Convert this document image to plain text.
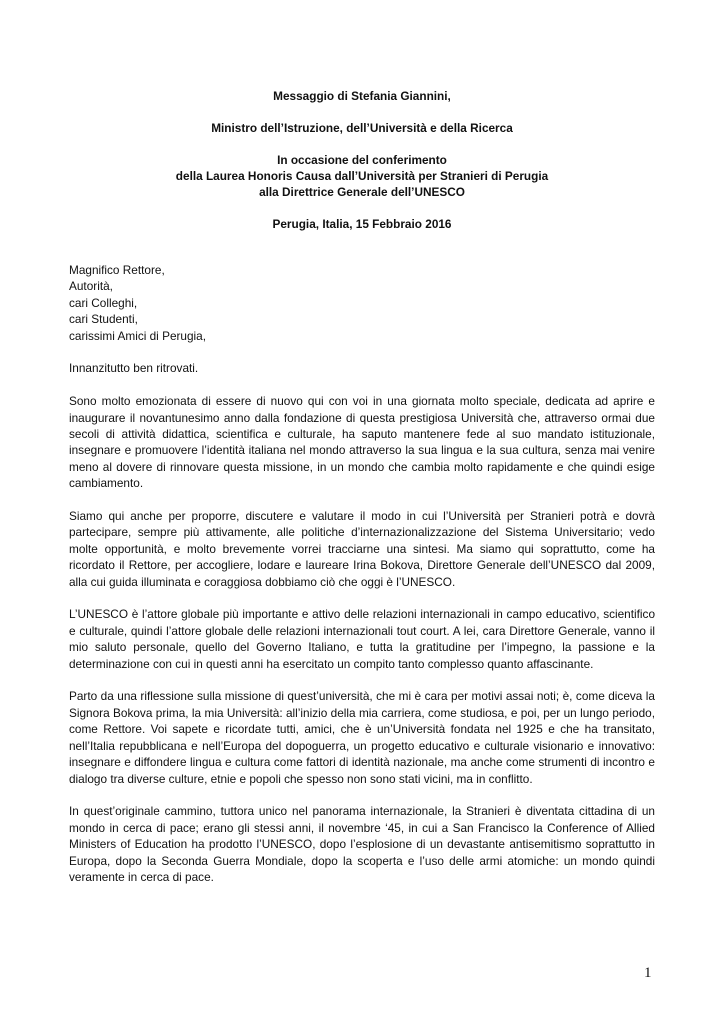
Messaggio di Stefania Giannini,
Ministro dell’Istruzione, dell’Università e della Ricerca
In occasione del conferimento
della Laurea Honoris Causa dall’Università per Stranieri di Perugia
alla Direttrice Generale dell’UNESCO
Perugia, Italia, 15 Febbraio 2016
Magnifico Rettore,
Autorità,
cari Colleghi,
cari Studenti,
carissimi Amici di Perugia,

Innanzitutto ben ritrovati.

Sono molto emozionata di essere di nuovo qui con voi in una giornata molto speciale, dedicata ad aprire e inaugurare il novantunesimo anno dalla fondazione di questa prestigiosa Università che, attraverso ormai due secoli di attività didattica, scientifica e culturale, ha saputo mantenere fede al suo mandato istituzionale, insegnare e promuovere l’identità italiana nel mondo attraverso la sua lingua e la sua cultura, senza mai venire meno al dovere di rinnovare questa missione, in un mondo che cambia molto rapidamente e che quindi esige cambiamento.

Siamo qui anche per proporre, discutere e valutare il modo in cui l’Università per Stranieri potrà e dovrà partecipare, sempre più attivamente, alle politiche d’internazionalizzazione del Sistema Universitario; vedo molte opportunità, e molto brevemente vorrei tracciarne una sintesi. Ma siamo qui soprattutto, come ha ricordato il Rettore, per accogliere, lodare e laureare Irina Bokova, Direttore Generale dell’UNESCO dal 2009, alla cui guida illuminata e coraggiosa dobbiamo ciò che oggi è l’UNESCO.

L’UNESCO è l’attore globale più importante e attivo delle relazioni internazionali in campo educativo, scientifico e culturale, quindi l’attore globale delle relazioni internazionali tout court. A lei, cara Direttore Generale, vanno il mio saluto personale, quello del Governo Italiano, e tutta la gratitudine per l’impegno, la passione e la determinazione con cui in questi anni ha esercitato un compito tanto complesso quanto affascinante.

Parto da una riflessione sulla missione di quest’università, che mi è cara per motivi assai noti; è, come diceva la Signora Bokova prima, la mia Università: all’inizio della mia carriera, come studiosa, e poi, per un lungo periodo, come Rettore. Voi sapete e ricordate tutti, amici, che è un’Università fondata nel 1925 e che ha transitato, nell’Italia repubblicana e nell’Europa del dopoguerra, un progetto educativo e culturale visionario e innovativo: insegnare e diffondere lingua e cultura come fattori di identità nazionale, ma anche come strumenti di incontro e dialogo tra diverse culture, etnie e popoli che spesso non sono stati vicini, ma in conflitto.

In quest’originale cammino, tuttora unico nel panorama internazionale, la Stranieri è diventata cittadina di un mondo in cerca di pace; erano gli stessi anni, il novembre ‘45, in cui a San Francisco la Conference of Allied Ministers of Education ha prodotto l’UNESCO, dopo l’esplosione di un devastante antisemitismo soprattutto in Europa, dopo la Seconda Guerra Mondiale, dopo la scoperta e l’uso delle armi atomiche: un mondo quindi veramente in cerca di pace.

1
